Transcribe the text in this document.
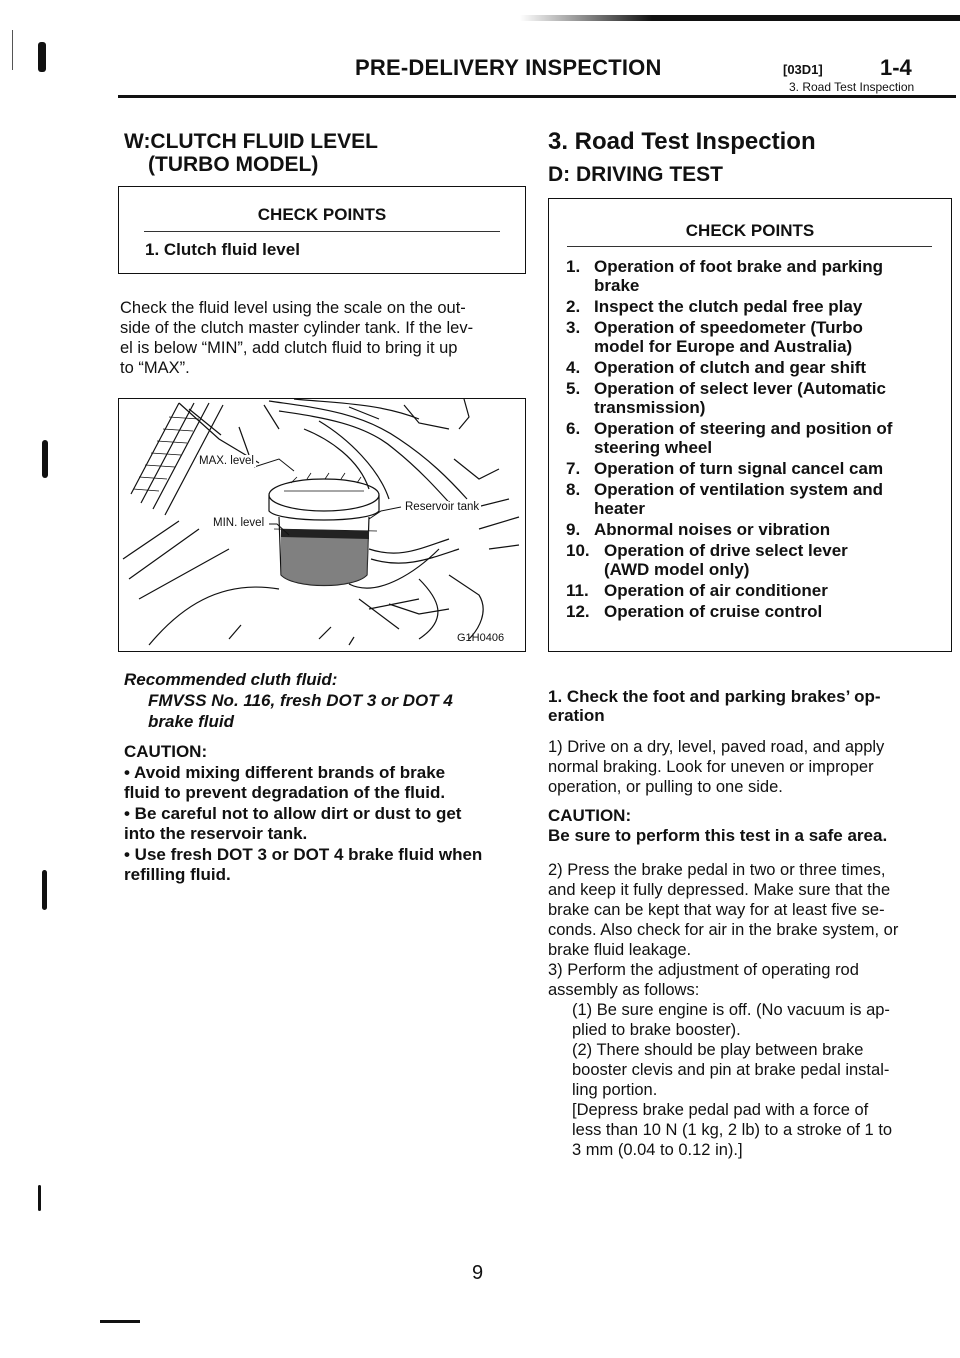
PRE-DELIVERY INSPECTION	[03D1]	1-4
3. Road Test Inspection
W:CLUTCH FLUID LEVEL
(TURBO MODEL)
CHECK POINTS
1. Clutch fluid level
Check the fluid level using the scale on the out-
side of the clutch master cylinder tank. If the lev-
el is below “MIN”, add clutch fluid to bring it up
to “MAX”.
MAX. level
MIN. level
Reservoir tank
G1H0406
Recommended cluth fluid:
FMVSS No. 116, fresh DOT 3 or DOT 4
brake fluid
CAUTION:
• Avoid mixing different brands of brake
fluid to prevent degradation of the fluid.
• Be careful not to allow dirt or dust to get
into the reservoir tank.
• Use fresh DOT 3 or DOT 4 brake fluid when
refilling fluid.
3. Road Test Inspection
D: DRIVING TEST
CHECK POINTS
1. Operation of foot brake and parking
brake
2. Inspect the clutch pedal free play
3. Operation of speedometer (Turbo
model for Europe and Australia)
4. Operation of clutch and gear shift
5. Operation of select lever (Automatic
transmission)
6. Operation of steering and position of
steering wheel
7. Operation of turn signal cancel cam
8. Operation of ventilation system and
heater
9. Abnormal noises or vibration
10. Operation of drive select lever
(AWD model only)
11. Operation of air conditioner
12. Operation of cruise control
1. Check the foot and parking brakes’ op-
eration
1) Drive on a dry, level, paved road, and apply
normal braking. Look for uneven or improper
operation, or pulling to one side.
CAUTION:
Be sure to perform this test in a safe area.
2) Press the brake pedal in two or three times,
and keep it fully depressed. Make sure that the
brake can be kept that way for at least five se-
conds. Also check for air in the brake system, or
brake fluid leakage.
3) Perform the adjustment of operating rod
assembly as follows:
(1) Be sure engine is off. (No vacuum is ap-
plied to brake booster).
(2) There should be play between brake
booster clevis and pin at brake pedal instal-
ling portion.
[Depress brake pedal pad with a force of
less than 10 N (1 kg, 2 lb) to a stroke of 1 to
3 mm (0.04 to 0.12 in).]
9
